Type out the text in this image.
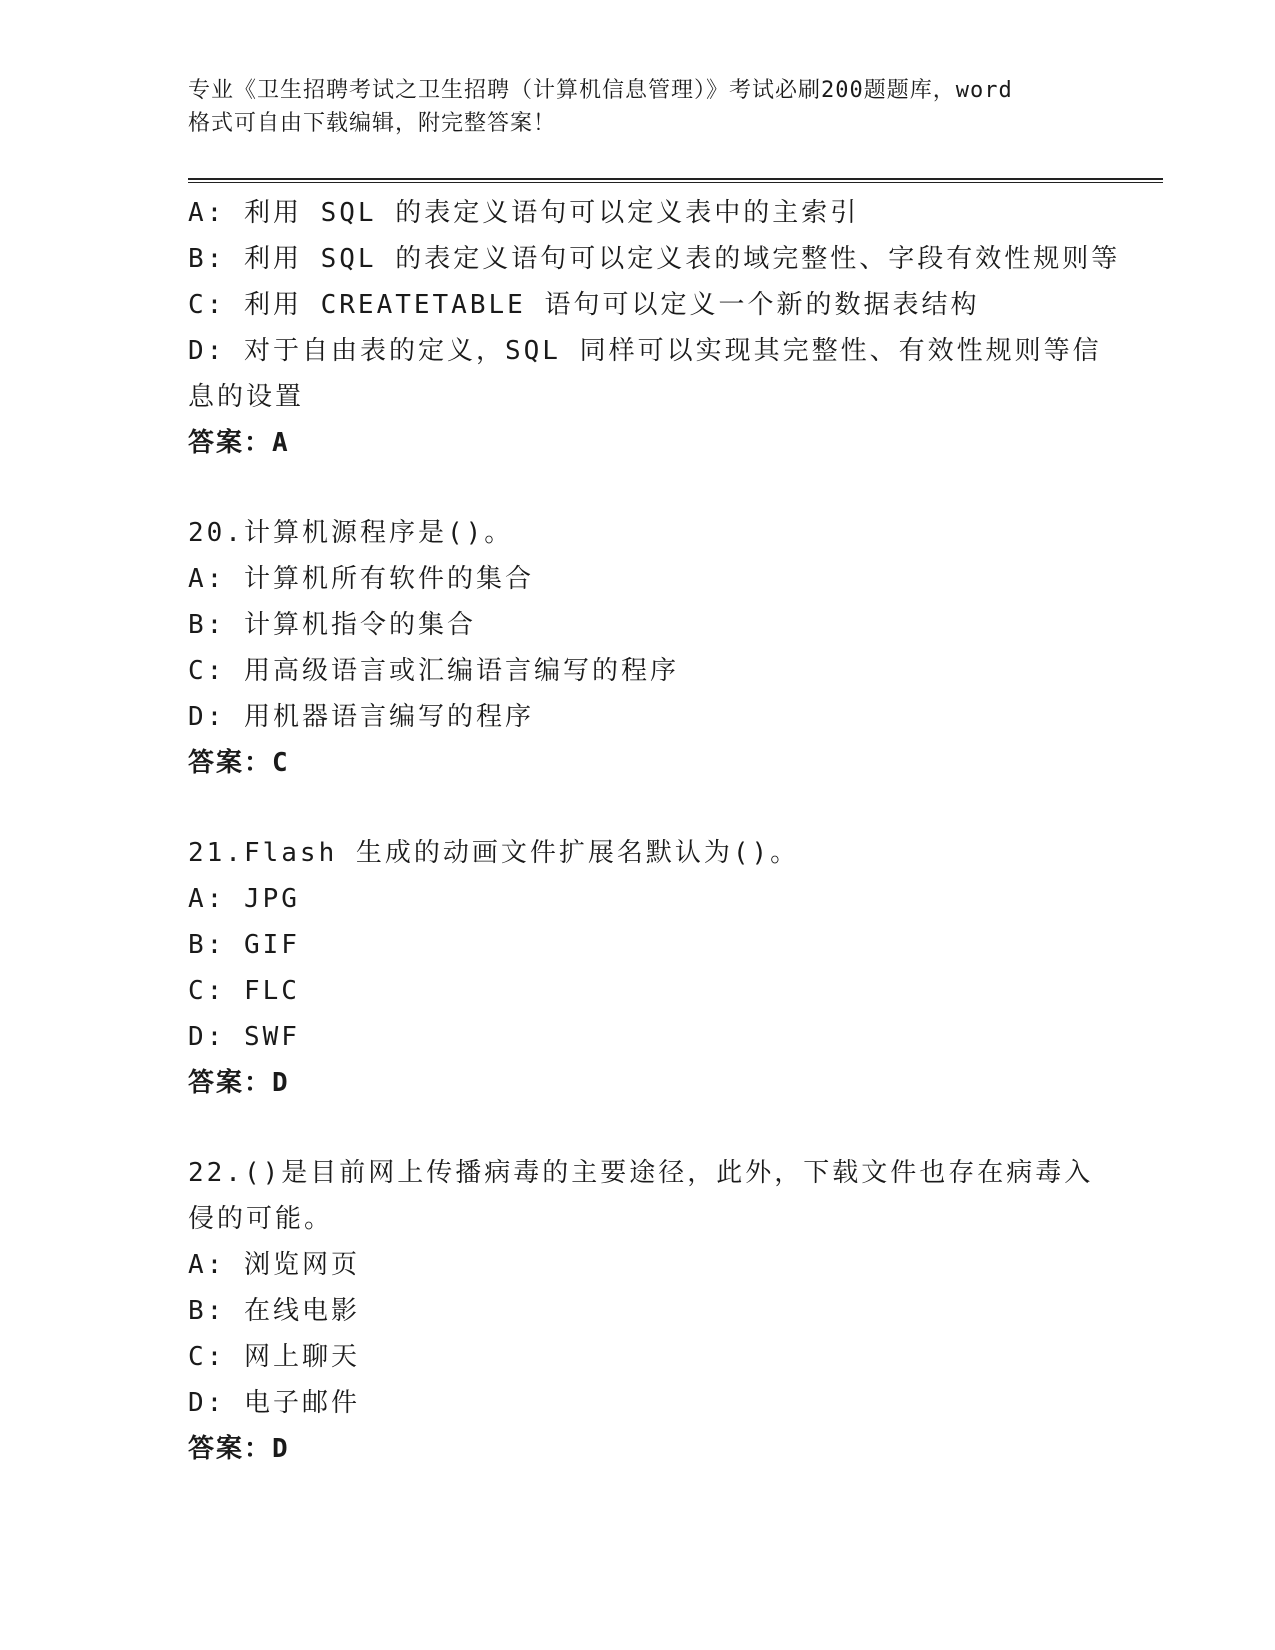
专业《卫生招聘考试之卫生招聘（计算机信息管理）》考试必刷200题题库，word
格式可自由下载编辑，附完整答案！
A: 利用 SQL 的表定义语句可以定义表中的主索引
B: 利用 SQL 的表定义语句可以定义表的域完整性、字段有效性规则等
C: 利用 CREATETABLE 语句可以定义一个新的数据表结构
D: 对于自由表的定义，SQL 同样可以实现其完整性、有效性规则等信
息的设置
答案：A
20.计算机源程序是()。
A: 计算机所有软件的集合
B: 计算机指令的集合
C: 用高级语言或汇编语言编写的程序
D: 用机器语言编写的程序
答案：C
21.Flash 生成的动画文件扩展名默认为()。
A: JPG
B: GIF
C: FLC
D: SWF
答案：D
22.()是目前网上传播病毒的主要途径，此外，下载文件也存在病毒入
侵的可能。
A: 浏览网页
B: 在线电影
C: 网上聊天
D: 电子邮件
答案：D
